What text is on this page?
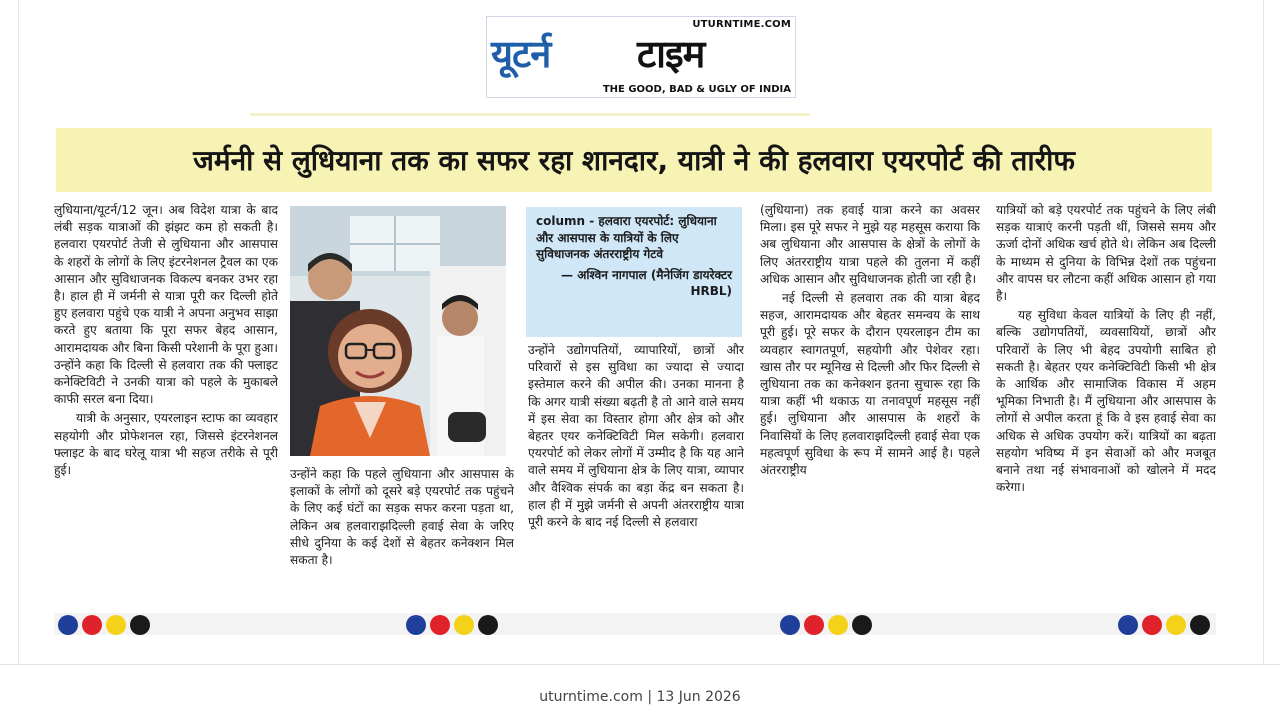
UTURNTIME.COM
यूटर्न टाइम
THE GOOD, BAD & UGLY OF INDIA
जर्मनी से लुधियाना तक का सफर रहा शानदार, यात्री ने की हलवारा एयरपोर्ट की तारीफ

लुधियाना/यूटर्न/12 जून। अब विदेश यात्रा के बाद लंबी सड़क यात्राओं की झंझट कम हो सकती है। हलवारा एयरपोर्ट तेजी से लुधियाना और आसपास के शहरों के लोगों के लिए इंटरनेशनल ट्रैवल का एक आसान और सुविधाजनक विकल्प बनकर उभर रहा है। हाल ही में जर्मनी से यात्रा पूरी कर दिल्ली होते हुए हलवारा पहुंचे एक यात्री ने अपना अनुभव साझा करते हुए बताया कि पूरा सफर बेहद आसान, आरामदायक और बिना किसी परेशानी के पूरा हुआ। उन्होंने कहा कि दिल्ली से हलवारा तक की फ्लाइट कनेक्टिविटी ने उनकी यात्रा को पहले के मुकाबले काफी सरल बना दिया।

यात्री के अनुसार, एयरलाइन स्टाफ का व्यवहार सहयोगी और प्रोफेशनल रहा, जिससे इंटरनेशनल फ्लाइट के बाद घरेलू यात्रा भी सहज तरीके से पूरी हुई।

column - हलवारा एयरपोर्ट: लुधियाना और आसपास के यात्रियों के लिए सुविधाजनक अंतरराष्ट्रीय गेटवे

— अश्विन नागपाल (मैनेजिंग डायरेक्टर HRBL)

उन्होंने कहा कि पहले लुधियाना और आसपास के इलाकों के लोगों को दूसरे बड़े एयरपोर्ट तक पहुंचने के लिए कई घंटों का सड़क सफर करना पड़ता था, लेकिन अब हलवाराझदिल्ली हवाई सेवा के जरिए सीधे दुनिया के कई देशों से बेहतर कनेक्शन मिल सकता है।

उन्होंने उद्योगपतियों, व्यापारियों, छात्रों और परिवारों से इस सुविधा का ज्यादा से ज्यादा इस्तेमाल करने की अपील की। उनका मानना है कि अगर यात्री संख्या बढ़ती है तो आने वाले समय में इस सेवा का विस्तार होगा और क्षेत्र को और बेहतर एयर कनेक्टिविटी मिल सकेगी। हलवारा एयरपोर्ट को लेकर लोगों में उम्मीद है कि यह आने वाले समय में लुधियाना क्षेत्र के लिए यात्रा, व्यापार और वैश्विक संपर्क का बड़ा केंद्र बन सकता है। हाल ही में मुझे जर्मनी से अपनी अंतरराष्ट्रीय यात्रा पूरी करने के बाद नई दिल्ली से हलवारा

(लुधियाना) तक हवाई यात्रा करने का अवसर मिला। इस पूरे सफर ने मुझे यह महसूस कराया कि अब लुधियाना और आसपास के क्षेत्रों के लोगों के लिए अंतरराष्ट्रीय यात्रा पहले की तुलना में कहीं अधिक आसान और सुविधाजनक होती जा रही है।

नई दिल्ली से हलवारा तक की यात्रा बेहद सहज, आरामदायक और बेहतर समन्वय के साथ पूरी हुई। पूरे सफर के दौरान एयरलाइन टीम का व्यवहार स्वागतपूर्ण, सहयोगी और पेशेवर रहा। खास तौर पर म्यूनिख से दिल्ली और फिर दिल्ली से लुधियाना तक का कनेक्शन इतना सुचारू रहा कि यात्रा कहीं भी थकाऊ या तनावपूर्ण महसूस नहीं हुई। लुधियाना और आसपास के शहरों के निवासियों के लिए हलवाराझदिल्ली हवाई सेवा एक महत्वपूर्ण सुविधा के रूप में सामने आई है। पहले अंतरराष्ट्रीय

यात्रियों को बड़े एयरपोर्ट तक पहुंचने के लिए लंबी सड़क यात्राएं करनी पड़ती थीं, जिससे समय और ऊर्जा दोनों अधिक खर्च होते थे। लेकिन अब दिल्ली के माध्यम से दुनिया के विभिन्न देशों तक पहुंचना और वापस घर लौटना कहीं अधिक आसान हो गया है।

यह सुविधा केवल यात्रियों के लिए ही नहीं, बल्कि उद्योगपतियों, व्यवसायियों, छात्रों और परिवारों के लिए भी बेहद उपयोगी साबित हो सकती है। बेहतर एयर कनेक्टिविटी किसी भी क्षेत्र के आर्थिक और सामाजिक विकास में अहम भूमिका निभाती है। मैं लुधियाना और आसपास के लोगों से अपील करता हूं कि वे इस हवाई सेवा का अधिक से अधिक उपयोग करें। यात्रियों का बढ़ता सहयोग भविष्य में इन सेवाओं को और मजबूत बनाने तथा नई संभावनाओं को खोलने में मदद करेगा।

uturntime.com | 13 Jun 2026
